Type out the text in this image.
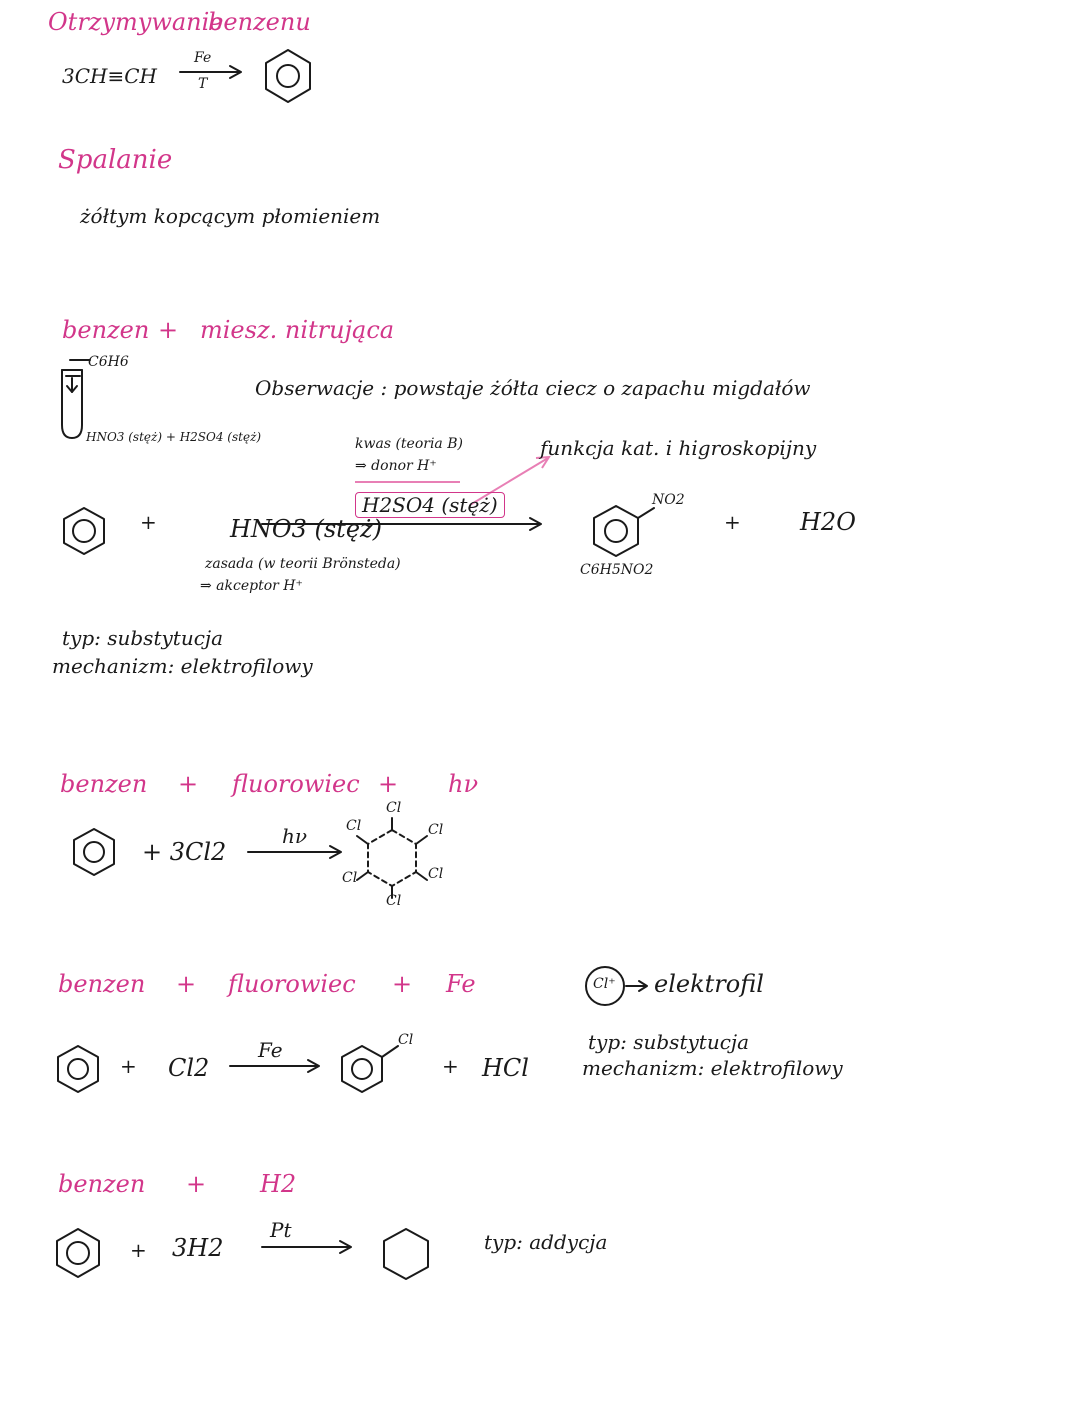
Otrzymywanie
benzenu
3CH≡CH
Fe
T
Spalanie
żółtym kopcącym płomieniem
benzen + miesz. nitrująca
C6H6
HNO3 (stęż) + H2SO4 (stęż)
Obserwacje : powstaje żółta ciecz o zapachu migdałów
kwas (teoria B)
⇒ donor H⁺
H2SO4 (stęż)
funkcja kat. i higroskopijny
+	HNO3 (stęż)
zasada (w teorii Brönsteda)
⇒ akceptor H⁺
NO2
C6H5NO2
+ H2O
typ: substytucja
mechanizm: elektrofilowy
benzen + fluorowiec + hν
+ 3Cl2
hν
Cl
Cl
Cl
Cl
Cl
Cl
benzen + fluorowiec + Fe	Cl⁺ elektrofil
+ Cl2
Fe	Cl
+ HCl
typ: substytucja
mechanizm: elektrofilowy
benzen + H2
+ 3H2
Pt	typ: addycja
